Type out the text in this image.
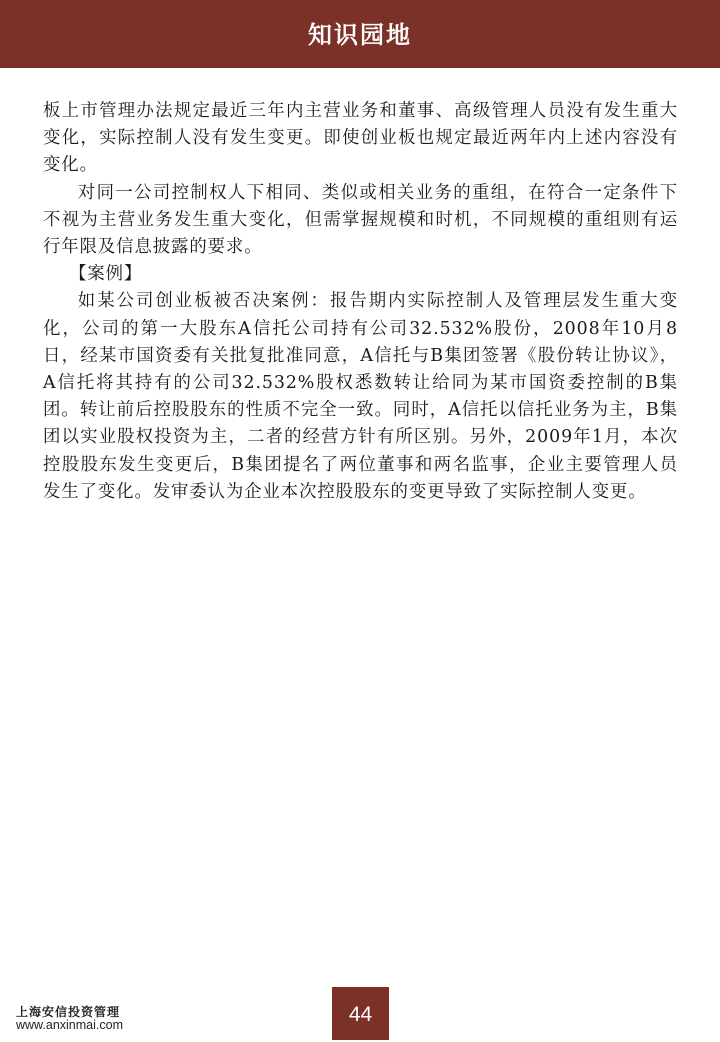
知识园地

板上市管理办法规定最近三年内主营业务和董事、高级管理人员没有发生重大变化，实际控制人没有发生变更。即使创业板也规定最近两年内上述内容没有变化。

对同一公司控制权人下相同、类似或相关业务的重组，在符合一定条件下不视为主营业务发生重大变化，但需掌握规模和时机，不同规模的重组则有运行年限及信息披露的要求。

【案例】

如某公司创业板被否决案例：报告期内实际控制人及管理层发生重大变化，公司的第一大股东A信托公司持有公司32.532%股份，2008年10月8日，经某市国资委有关批复批准同意，A信托与B集团签署《股份转让协议》，A信托将其持有的公司32.532%股权悉数转让给同为某市国资委控制的B集团。转让前后控股股东的性质不完全一致。同时，A信托以信托业务为主，B集团以实业股权投资为主，二者的经营方针有所区别。另外，2009年1月，本次控股股东发生变更后，B集团提名了两位董事和两名监事，企业主要管理人员发生了变化。发审委认为企业本次控股股东的变更导致了实际控制人变更。

上海安信投资管理
www.anxinmai.com	44
